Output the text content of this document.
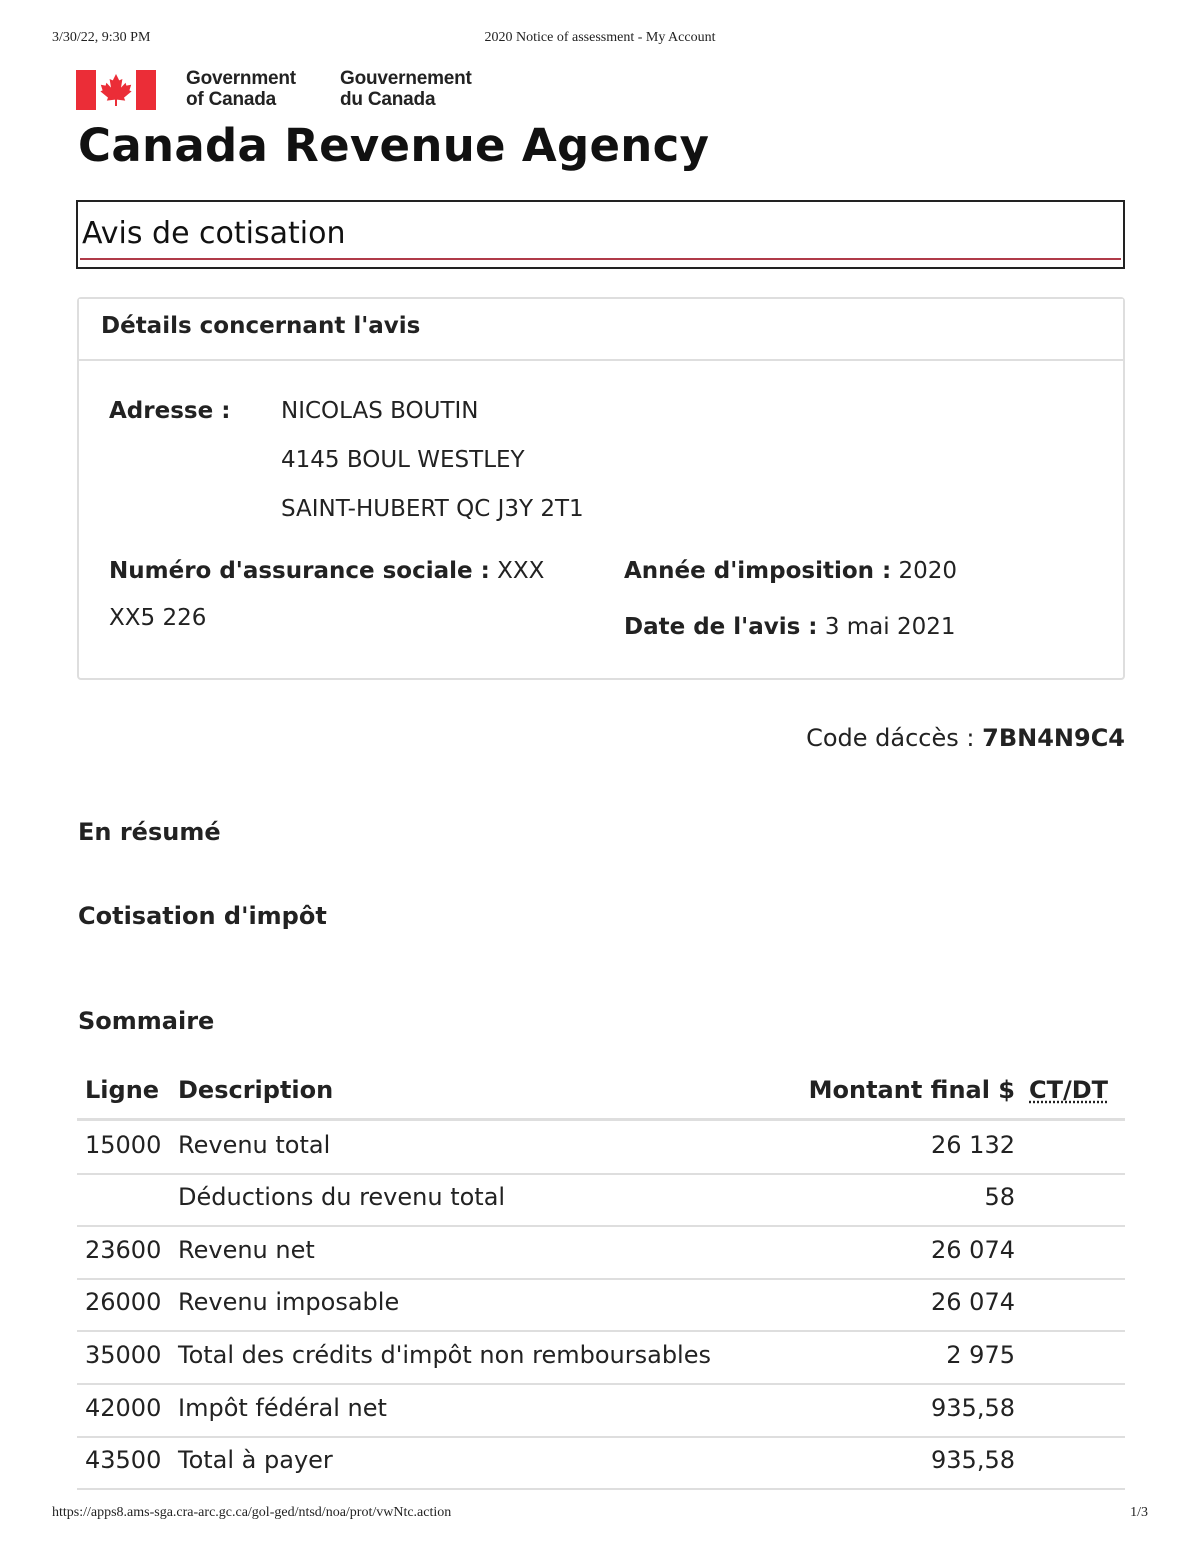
3/30/22, 9:30 PM	2020 Notice of assessment - My Account
Government
of Canada
Gouvernement
du Canada
Canada Revenue Agency
Avis de cotisation
Détails concernant l'avis
Adresse : NICOLAS BOUTIN
4145 BOUL WESTLEY
SAINT-HUBERT QC J3Y 2T1
Numéro d'assurance sociale : XXX
XX5 226
Année d'imposition : 2020
Date de l'avis : 3 mai 2021
Code dáccès : 7BN4N9C4
En résumé
Cotisation d'impôt
Sommaire
Ligne Description	Montant final $ CT/DT
15000 Revenu total	26 132
Déductions du revenu total	58
23600 Revenu net	26 074
26000 Revenu imposable	26 074
35000 Total des crédits d'impôt non remboursables	2 975
42000 Impôt fédéral net	935,58
43500 Total à payer	935,58
https://apps8.ams-sga.cra-arc.gc.ca/gol-ged/ntsd/noa/prot/vwNtc.action	1/3
